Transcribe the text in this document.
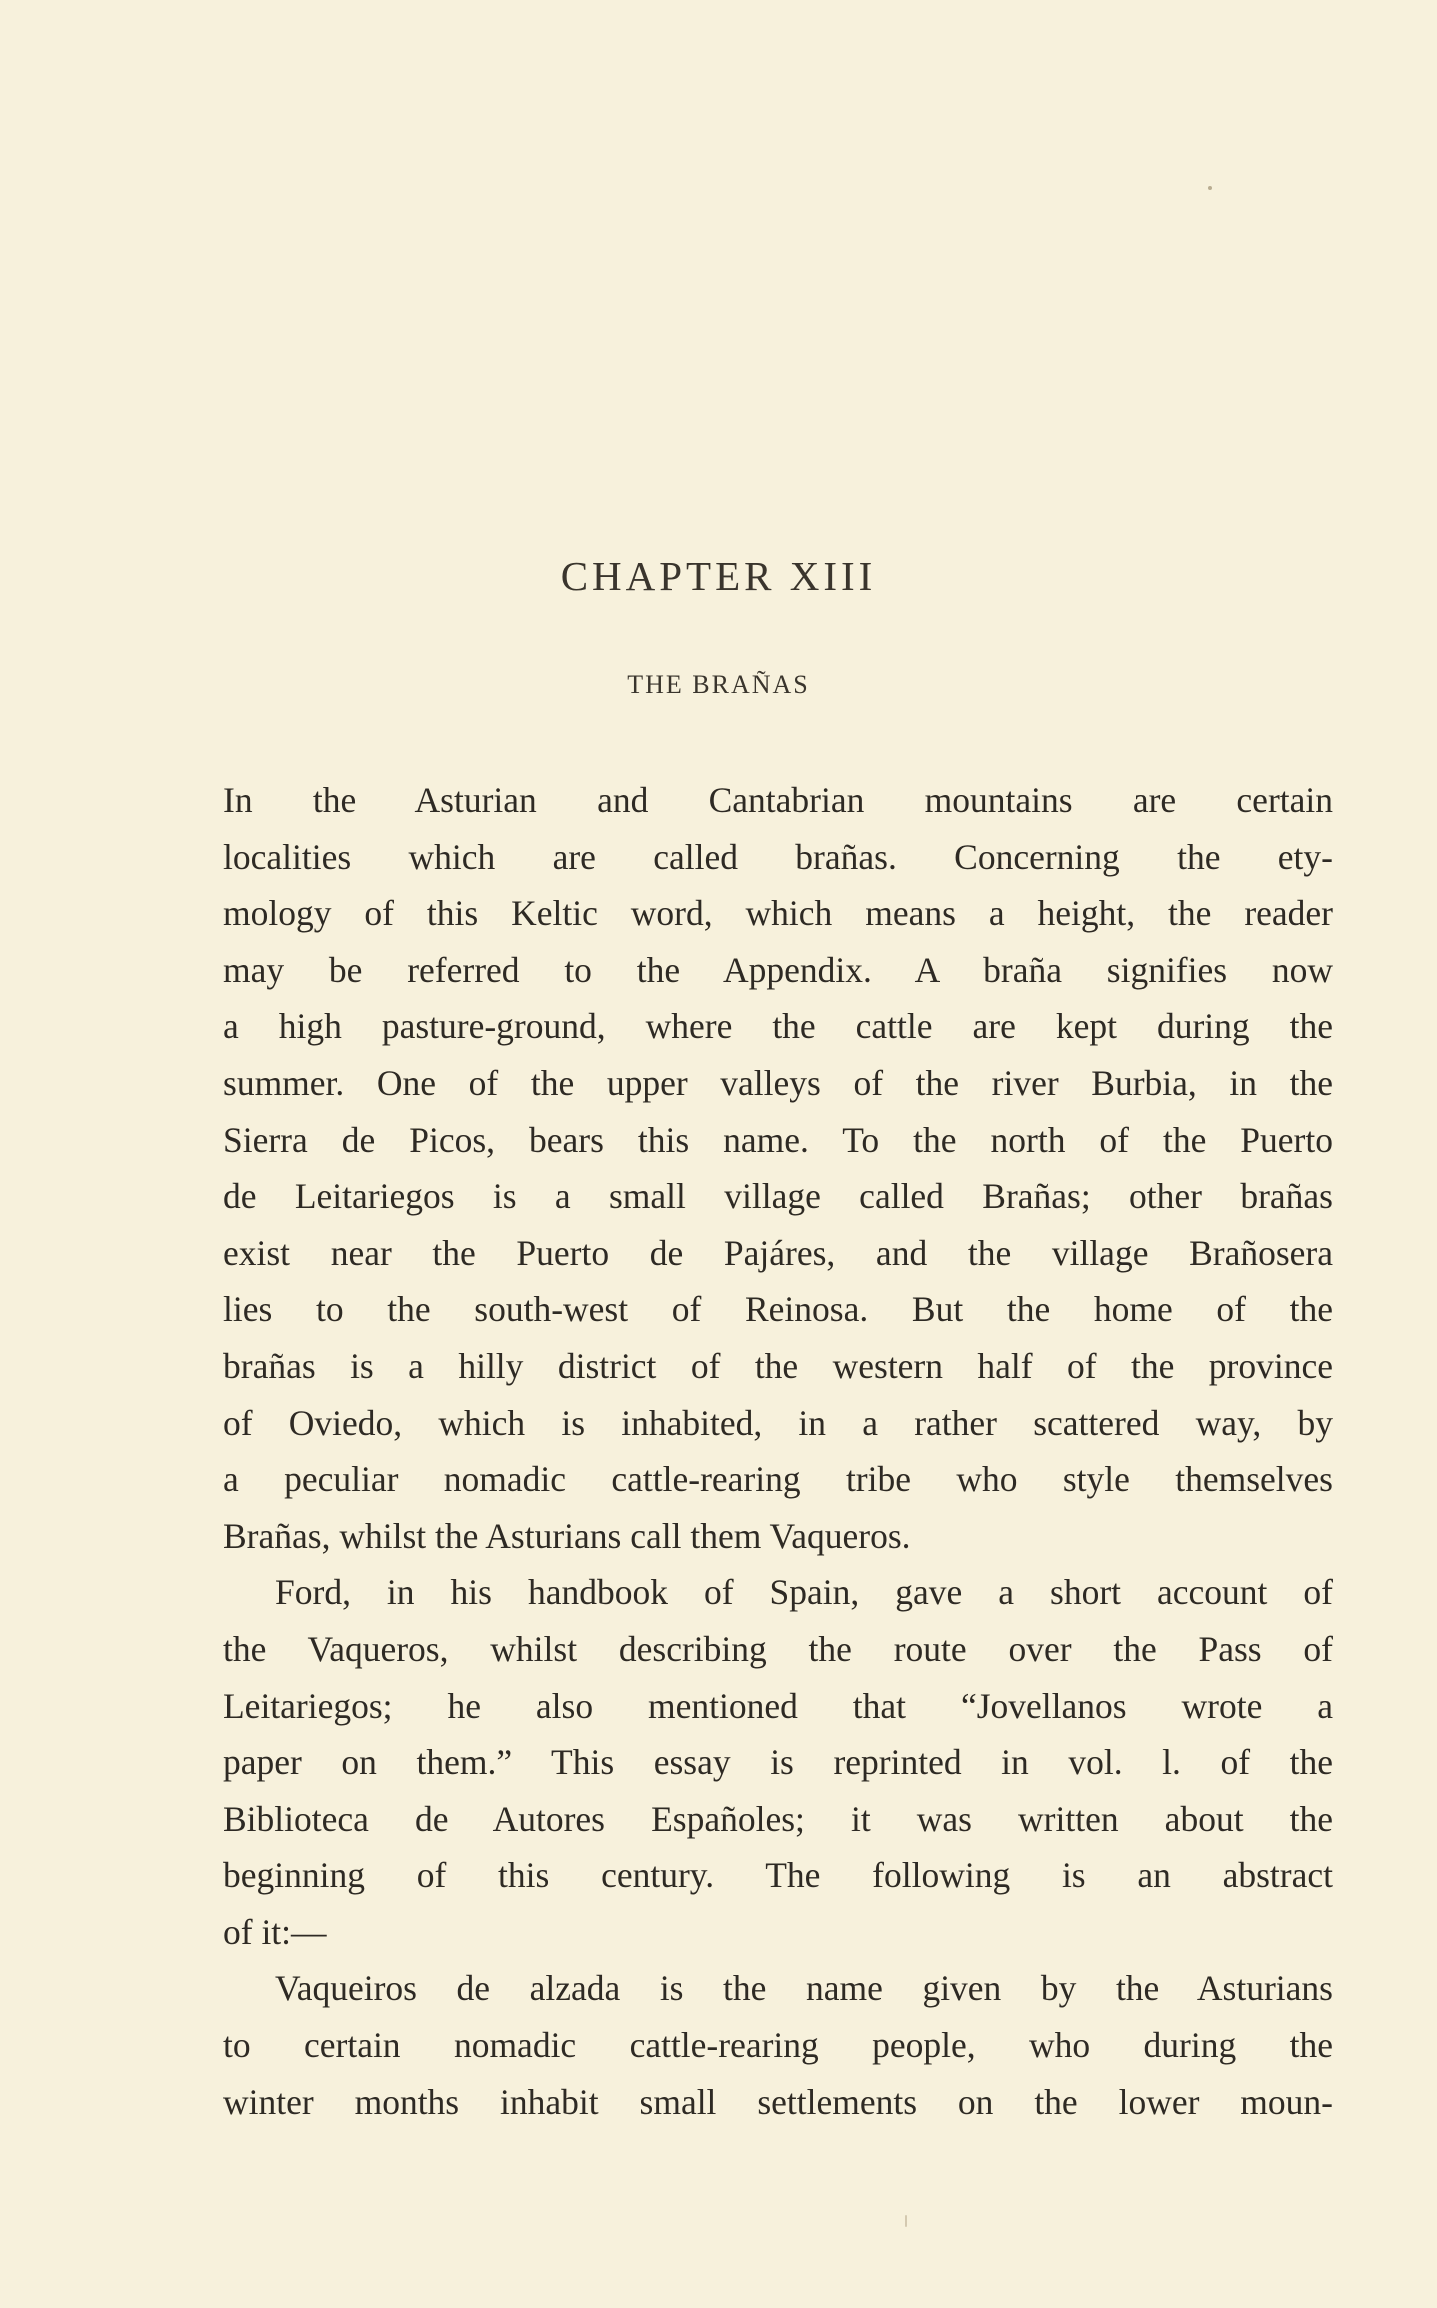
CHAPTER XIII
THE BRAÑAS
In the Asturian and Cantabrian mountains are certain
localities which are called brañas. Concerning the ety-
mology of this Keltic word, which means a height, the reader
may be referred to the Appendix. A braña signifies now
a high pasture-ground, where the cattle are kept during the
summer. One of the upper valleys of the river Burbia, in the
Sierra de Picos, bears this name. To the north of the Puerto
de Leitariegos is a small village called Brañas; other brañas
exist near the Puerto de Pajáres, and the village Brañosera
lies to the south-west of Reinosa. But the home of the
brañas is a hilly district of the western half of the province
of Oviedo, which is inhabited, in a rather scattered way, by
a peculiar nomadic cattle-rearing tribe who style themselves
Brañas, whilst the Asturians call them Vaqueros.
Ford, in his handbook of Spain, gave a short account of
the Vaqueros, whilst describing the route over the Pass of
Leitariegos; he also mentioned that “Jovellanos wrote a
paper on them.” This essay is reprinted in vol. l. of the
Biblioteca de Autores Españoles; it was written about the
beginning of this century. The following is an abstract
of it:—
Vaqueiros de alzada is the name given by the Asturians
to certain nomadic cattle-rearing people, who during the
winter months inhabit small settlements on the lower moun-
